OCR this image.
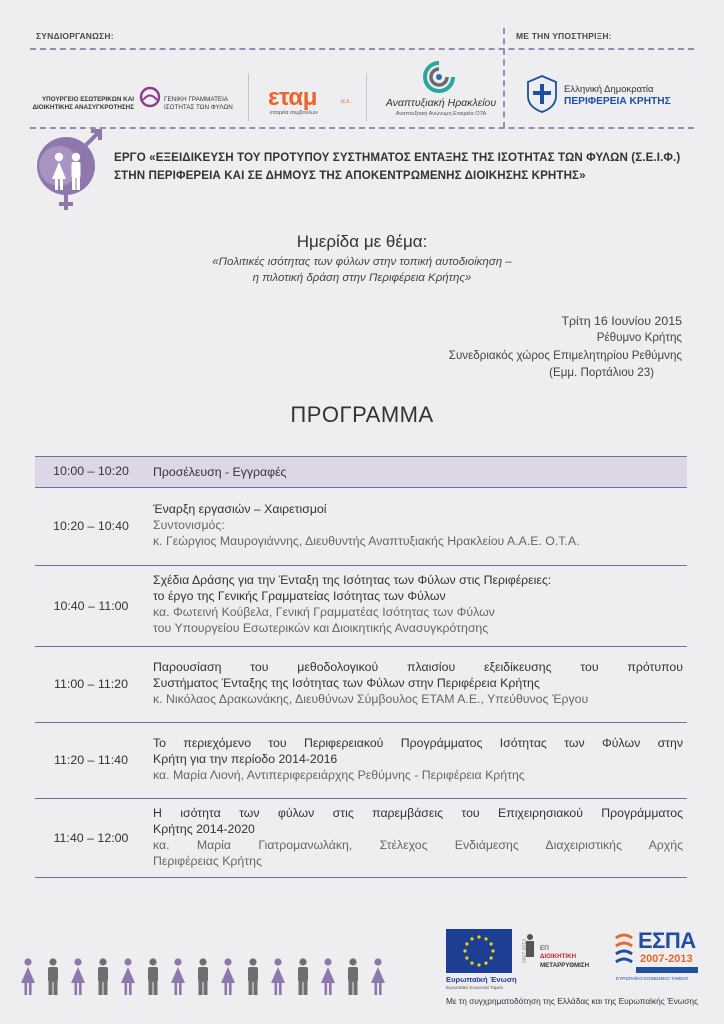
ΣΥΝΔΙΟΡΓΑΝΩΣΗ:	ΜΕ ΤΗΝ ΥΠΟΣΤΗΡΙΞΗ:
ΥΠΟΥΡΓΕΙΟ ΕΣΩΤΕΡΙΚΩΝ ΚΑΙ
ΔΙΟΙΚΗΤΙΚΗΣ ΑΝΑΣΥΓΚΡΟΤΗΣΗΣ
ΓΕΝΙΚΗ ΓΡΑΜΜΑΤΕΙΑ
ΙΣΟΤΗΤΑΣ ΤΩΝ ΦΥΛΩΝ	εταμ	α.ε.
εταιρεία συμβούλων
Αναπτυξιακή Ηρακλείου
Αναπτυξιακή Ανώνυμη Εταιρεία ΟΤΑ
Ελληνική Δημοκρατία
ΠΕΡΙΦΕΡΕΙΑ ΚΡΗΤΗΣ
ΕΡΓΟ «ΕΞΕΙΔΙΚΕΥΣΗ ΤΟΥ ΠΡΟΤΥΠΟΥ ΣΥΣΤΗΜΑΤΟΣ ΕΝΤΑΞΗΣ ΤΗΣ ΙΣΟΤΗΤΑΣ ΤΩΝ ΦΥΛΩΝ (Σ.Ε.Ι.Φ.)
ΣΤΗΝ ΠΕΡΙΦΕΡΕΙΑ ΚΑΙ ΣΕ ΔΗΜΟΥΣ ΤΗΣ ΑΠΟΚΕΝΤΡΩΜΕΝΗΣ ΔΙΟΙΚΗΣΗΣ ΚΡΗΤΗΣ»
Ημερίδα με θέμα:
«Πολιτικές ισότητας των φύλων στην τοπική αυτοδιοίκηση –
η πιλοτική δράση στην Περιφέρεια Κρήτης»
Τρίτη 16 Ιουνίου 2015
Ρέθυμνο Κρήτης
Συνεδριακός χώρος Επιμελητηρίου Ρεθύμνης
(Εμμ. Πορτάλιου 23)
ΠΡΟΓΡΑΜΜΑ
10:00 – 10:20	Προσέλευση - Εγγραφές
10:20 – 10:40
Έναρξη εργασιών – Χαιρετισμοί
Συντονισμός:
κ. Γεώργιος Μαυρογιάννης, Διευθυντής Αναπτυξιακής Ηρακλείου Α.Α.Ε. Ο.Τ.Α.
10:40 – 11:00
Σχέδια Δράσης για την Ένταξη της Ισότητας των Φύλων στις Περιφέρειες:
το έργο της Γενικής Γραμματείας Ισότητας των Φύλων
κα. Φωτεινή Κούβελα, Γενική Γραμματέας Ισότητας των Φύλων
του Υπουργείου Εσωτερικών και Διοικητικής Ανασυγκρότησης
11:00 – 11:20
Παρουσίαση του μεθοδολογικού πλαισίου εξειδίκευσης του πρότυπου
Συστήματος Ένταξης της Ισότητας των Φύλων στην Περιφέρεια Κρήτης
κ. Νικόλαος Δρακωνάκης, Διευθύνων Σύμβουλος ΕΤΑΜ Α.Ε., Υπεύθυνος Έργου
11:20 – 11:40
Το περιεχόμενο του Περιφερειακού Προγράμματος Ισότητας των Φύλων στην
Κρήτη για την περίοδο 2014-2016
κα. Μαρία Λιονή, Αντιπεριφερειάρχης Ρεθύμνης - Περιφέρεια Κρήτης
11:40 – 12:00
Η ισότητα των φύλων στις παρεμβάσεις του Επιχειρησιακού Προγράμματος
Κρήτης 2014-2020
κα. Μαρία Γιατρομανωλάκη, Στέλεχος Ενδιάμεσης Διαχειριστικής Αρχής
Περιφέρειας Κρήτης
Ευρωπαϊκή Ένωση
Ευρωπαϊκό Κοινωνικό Ταμείο
2007-2013 ΕΠ
ΔΙΟΙΚΗΤΙΚΗ
ΜΕΤΑΡΡΥΘΜΙΣΗ
ΕΣΠΑ
2007-2013
ΕΥΡΩΠΑΪΚΟ ΚΟΙΝΩΝΙΚΟ ΤΑΜΕΙΟ
Με τη συγχρηματοδότηση της Ελλάδας και της Ευρωπαϊκής Ένωσης
